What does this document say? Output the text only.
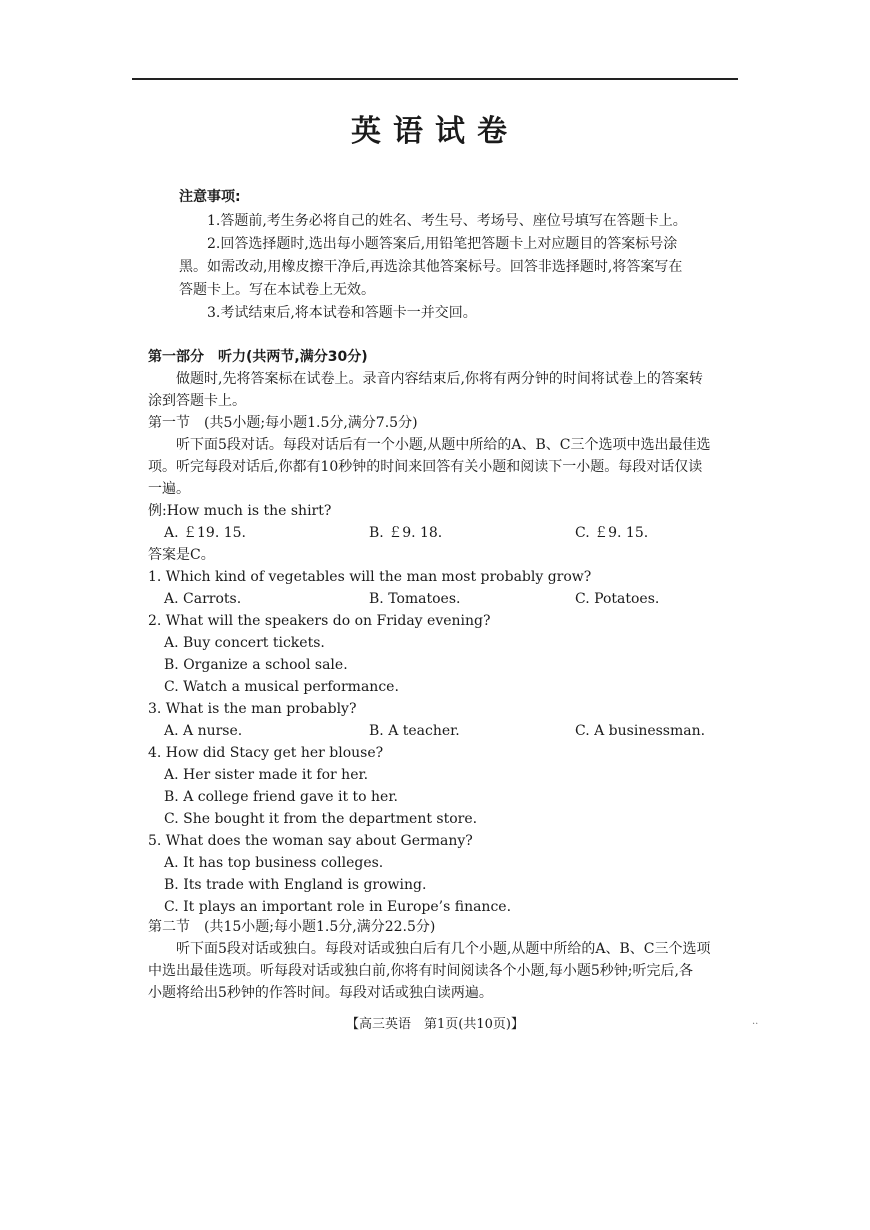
英语试卷
注意事项:
1.答题前,考生务必将自己的姓名、考生号、考场号、座位号填写在答题卡上。
2.回答选择题时,选出每小题答案后,用铅笔把答题卡上对应题目的答案标号涂
黑。如需改动,用橡皮擦干净后,再选涂其他答案标号。回答非选择题时,将答案写在
答题卡上。写在本试卷上无效。
3.考试结束后,将本试卷和答题卡一并交回。
第一部分　听力(共两节,满分30分)
做题时,先将答案标在试卷上。录音内容结束后,你将有两分钟的时间将试卷上的答案转
涂到答题卡上。
第一节　(共5小题;每小题1.5分,满分7.5分)
听下面5段对话。每段对话后有一个小题,从题中所给的A、B、C三个选项中选出最佳选
项。听完每段对话后,你都有10秒钟的时间来回答有关小题和阅读下一小题。每段对话仅读
一遍。
例:How much is the shirt?
A. ￡19. 15.	B. ￡9. 18.	C. ￡9. 15.
答案是C。
1. Which kind of vegetables will the man most probably grow?
A. Carrots.	B. Tomatoes.	C. Potatoes.
2. What will the speakers do on Friday evening?
A. Buy concert tickets.
B. Organize a school sale.
C. Watch a musical performance.
3. What is the man probably?
A. A nurse.	B. A teacher.	C. A businessman.
4. How did Stacy get her blouse?
A. Her sister made it for her.
B. A college friend gave it to her.
C. She bought it from the department store.
5. What does the woman say about Germany?
A. It has top business colleges.
B. Its trade with England is growing.
C. It plays an important role in Europe’s finance.
第二节　(共15小题;每小题1.5分,满分22.5分)
听下面5段对话或独白。每段对话或独白后有几个小题,从题中所给的A、B、C三个选项
中选出最佳选项。听每段对话或独白前,你将有时间阅读各个小题,每小题5秒钟;听完后,各
小题将给出5秒钟的作答时间。每段对话或独白读两遍。
【高三英语　第1页(共10页)】	..
